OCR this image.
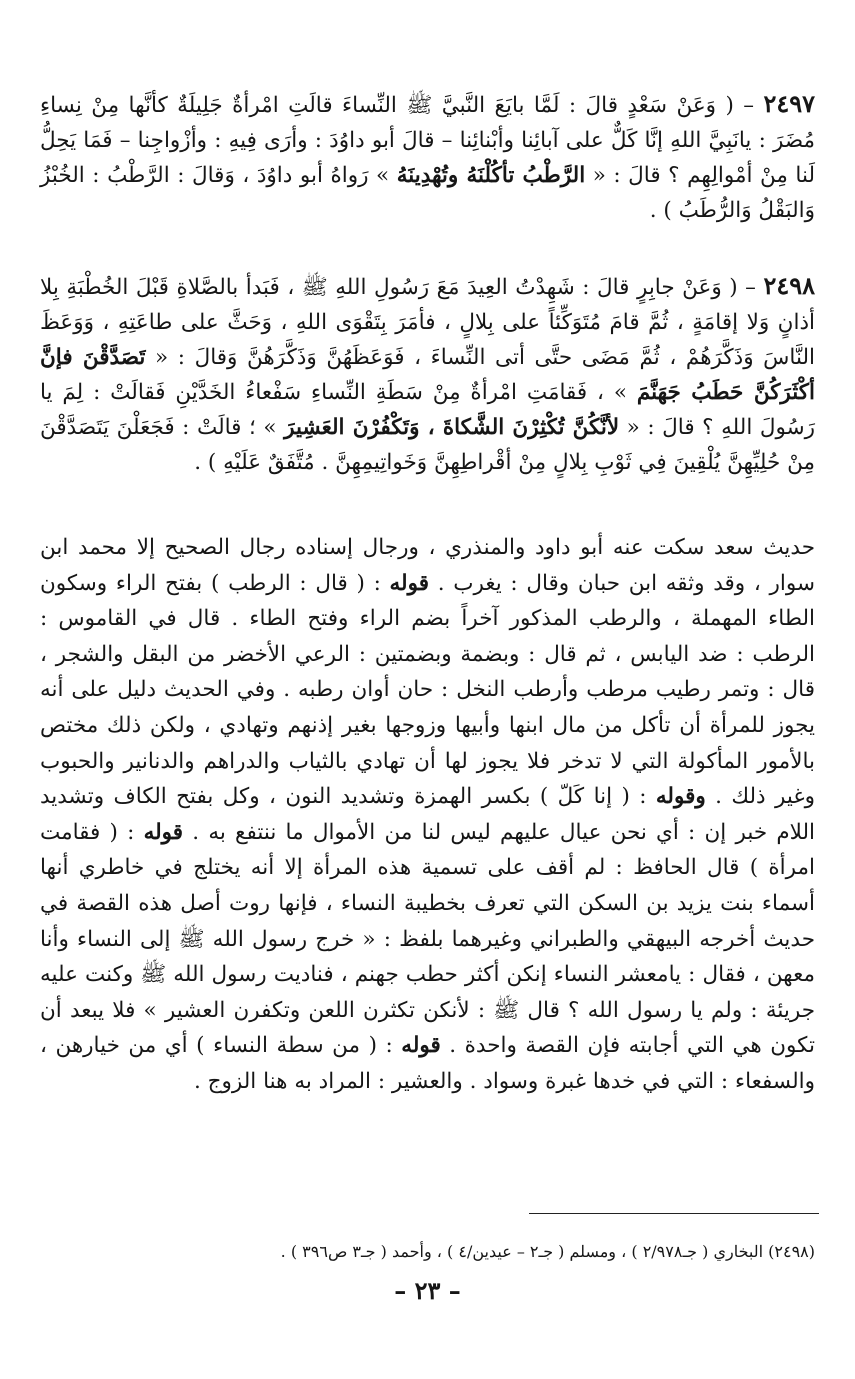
٢٤٩٧ – ( وَعَنْ سَعْدٍ قالَ : لَمَّا بايَعَ النَّبيَّ ﷺ النِّساءَ قالَتِ امْرأةٌ جَلِيلَةٌ كأنَّها مِنْ نِساءِ مُضَرَ : يانَبِيَّ اللهِ إنَّا كَلٌّ على آبائِنا وأبْنائِنا – قالَ أبو داوُدَ : وأرَى فِيهِ : وأزْواجِنا – فَمَا يَحِلُّ لَنا مِنْ أمْوالِهِم ؟ قالَ : « الرَّطْبُ تأكُلْنَهُ وتُهْدِينَهُ » رَواهُ أبو داوُدَ ، وَقالَ : الرَّطْبُ : الخُبْزُ وَالبَقْلُ وَالرُّطَبُ ) .

٢٤٩٨ – ( وَعَنْ جابِرٍ قالَ : شَهِدْتُ العِيدَ مَعَ رَسُولِ اللهِ ﷺ ، فَبَدأ بالصَّلاةِ قَبْلَ الخُطْبَةِ بِلا أذانٍ وَلا إقامَةٍ ، ثُمَّ قامَ مُتَوَكِّئاً على بِلالٍ ، فأمَرَ بِتَقْوَى اللهِ ، وَحَثَّ على طاعَتِهِ ، وَوَعَظَ النَّاسَ وَذَكَّرَهُمْ ، ثُمَّ مَضَى حتَّى أتى النِّساءَ ، فَوَعَظَهُنَّ وَذَكَّرَهُنَّ وَقالَ : « تَصَدَّقْنَ فإنَّ أكْثَرَكُنَّ حَطَبُ جَهَنَّمَ » ، فَقامَتِ امْرأةٌ مِنْ سَطَةِ النِّساءِ سَفْعاءُ الخَدَّيْنِ فَقالَتْ : لِمَ يا رَسُولَ اللهِ ؟ قالَ : « لأنَّكُنَّ تُكْثِرْنَ الشَّكاةَ ، وَتَكْفُرْنَ العَشِيرَ » ؛ قالَتْ : فَجَعَلْنَ يَتَصَدَّقْنَ مِنْ حُلِيِّهِنَّ يُلْقِينَ فِي ثَوْبِ بِلالٍ مِنْ أقْراطِهِنَّ وَخَواتِيمِهِنَّ . مُتَّفَقٌ عَلَيْهِ ) .

حديث سعد سكت عنه أبو داود والمنذري ، ورجال إسناده رجال الصحيح إلا محمد ابن سوار ، وقد وثقه ابن حبان وقال : يغرب . قوله : ( قال : الرطب ) بفتح الراء وسكون الطاء المهملة ، والرطب المذكور آخراً بضم الراء وفتح الطاء . قال في القاموس : الرطب : ضد اليابس ، ثم قال : وبضمة وبضمتين : الرعي الأخضر من البقل والشجر ، قال : وتمر رطيب مرطب وأرطب النخل : حان أوان رطبه . وفي الحديث دليل على أنه يجوز للمرأة أن تأكل من مال ابنها وأبيها وزوجها بغير إذنهم وتهادي ، ولكن ذلك مختص بالأمور المأكولة التي لا تدخر فلا يجوز لها أن تهادي بالثياب والدراهم والدنانير والحبوب وغير ذلك . وقوله : ( إنا كَلّ ) بكسر الهمزة وتشديد النون ، وكل بفتح الكاف وتشديد اللام خبر إن : أي نحن عيال عليهم ليس لنا من الأموال ما ننتفع به . قوله : ( فقامت امرأة ) قال الحافظ : لم أقف على تسمية هذه المرأة إلا أنه يختلج في خاطري أنها أسماء بنت يزيد بن السكن التي تعرف بخطيبة النساء ، فإنها روت أصل هذه القصة في حديث أخرجه البيهقي والطبراني وغيرهما بلفظ : « خرج رسول الله ﷺ إلى النساء وأنا معهن ، فقال : يامعشر النساء إنكن أكثر حطب جهنم ، فناديت رسول الله ﷺ وكنت عليه جريئة : ولم يا رسول الله ؟ قال ﷺ : لأنكن تكثرن اللعن وتكفرن العشير » فلا يبعد أن تكون هي التي أجابته فإن القصة واحدة . قوله : ( من سطة النساء ) أي من خيارهن ، والسفعاء : التي في خدها غبرة وسواد . والعشير : المراد به هنا الزوج .

(٢٤٩٨) البخاري ( جـ٢/٩٧٨ ) ، ومسلم ( جـ٢ – عيدين/٤ ) ، وأحمد ( جـ٣ ص٣٩٦ ) .
– ٢٣ –
